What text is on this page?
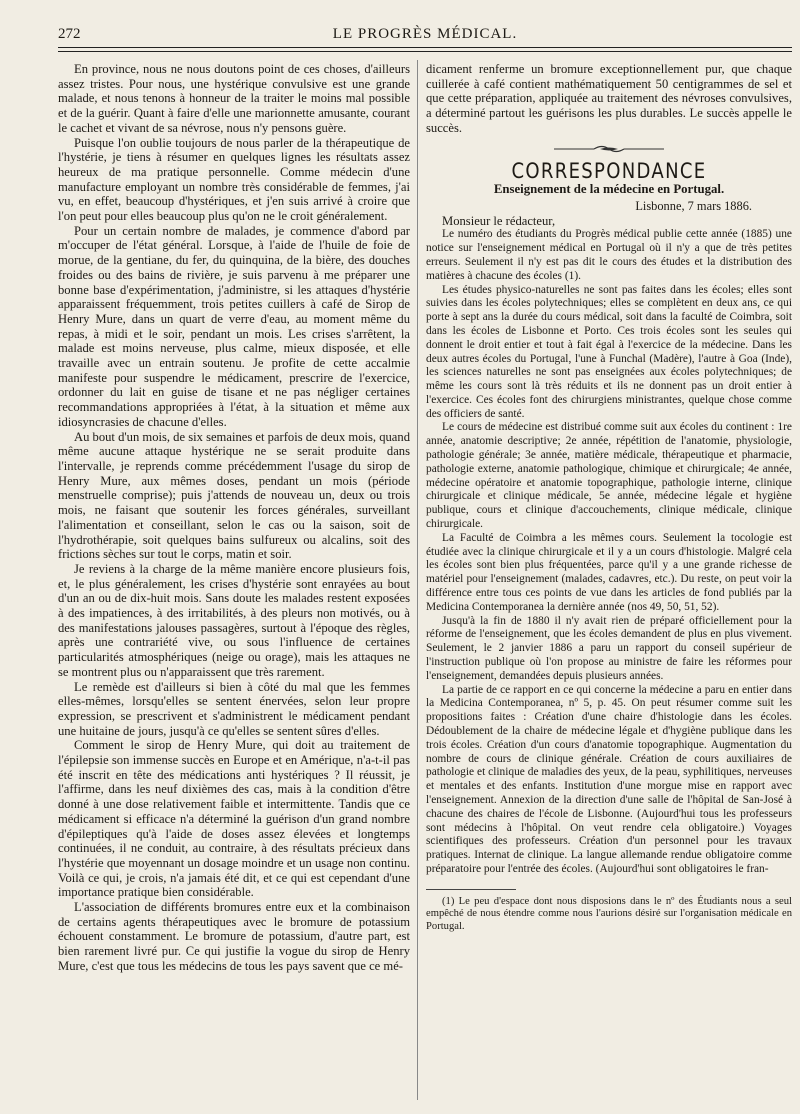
272	LE PROGRÈS MÉDICAL.

En province, nous ne nous doutons point de ces choses, d'ailleurs assez tristes. Pour nous, une hystérique convulsive est une grande malade, et nous tenons à honneur de la traiter le moins mal possible et de la guérir. Quant à faire d'elle une marionnette amusante, courant le cachet et vivant de sa névrose, nous n'y pensons guère.

Puisque l'on oublie toujours de nous parler de la thérapeutique de l'hystérie, je tiens à résumer en quelques lignes les résultats assez heureux de ma pratique personnelle. Comme médecin d'une manufacture employant un nombre très considérable de femmes, j'ai vu, en effet, beaucoup d'hystériques, et j'en suis arrivé à croire que l'on peut pour elles beaucoup plus qu'on ne le croit généralement.

Pour un certain nombre de malades, je commence d'abord par m'occuper de l'état général. Lorsque, à l'aide de l'huile de foie de morue, de la gentiane, du fer, du quinquina, de la bière, des douches froides ou des bains de rivière, je suis parvenu à me préparer une bonne base d'expérimentation, j'administre, si les attaques d'hystérie apparaissent fréquemment, trois petites cuillers à café de Sirop de Henry Mure, dans un quart de verre d'eau, au moment même du repas, à midi et le soir, pendant un mois. Les crises s'arrêtent, la malade est moins nerveuse, plus calme, mieux disposée, et elle travaille avec un entrain soutenu. Je profite de cette accalmie manifeste pour suspendre le médicament, prescrire de l'exercice, ordonner du lait en guise de tisane et ne pas négliger certaines recommandations appropriées à l'état, à la situation et même aux idiosyncrasies de chacune d'elles.

Au bout d'un mois, de six semaines et parfois de deux mois, quand même aucune attaque hystérique ne se serait produite dans l'intervalle, je reprends comme précédemment l'usage du sirop de Henry Mure, aux mêmes doses, pendant un mois (période menstruelle comprise); puis j'attends de nouveau un, deux ou trois mois, ne faisant que soutenir les forces générales, surveillant l'alimentation et conseillant, selon le cas ou la saison, soit de l'hydrothérapie, soit quelques bains sulfureux ou alcalins, soit des frictions sèches sur tout le corps, matin et soir.

Je reviens à la charge de la même manière encore plusieurs fois, et, le plus généralement, les crises d'hystérie sont enrayées au bout d'un an ou de dix-huit mois. Sans doute les malades restent exposées à des impatiences, à des irritabilités, à des pleurs non motivés, ou à des manifestations jalouses passagères, surtout à l'époque des règles, après une contrariété vive, ou sous l'influence de certaines particularités atmosphériques (neige ou orage), mais les attaques ne se montrent plus ou n'apparaissent que très rarement.

Le remède est d'ailleurs si bien à côté du mal que les femmes elles-mêmes, lorsqu'elles se sentent énervées, selon leur propre expression, se prescrivent et s'administrent le médicament pendant une huitaine de jours, jusqu'à ce qu'elles se sentent sûres d'elles.

Comment le sirop de Henry Mure, qui doit au traitement de l'épilepsie son immense succès en Europe et en Amérique, n'a-t-il pas été inscrit en tête des médications anti hystériques ? Il réussit, je l'affirme, dans les neuf dixièmes des cas, mais à la condition d'être donné à une dose relativement faible et intermittente. Tandis que ce médicament si efficace n'a déterminé la guérison d'un grand nombre d'épileptiques qu'à l'aide de doses assez élevées et longtemps continuées, il ne conduit, au contraire, à des résultats précieux dans l'hystérie que moyennant un dosage moindre et un usage non continu. Voilà ce qui, je crois, n'a jamais été dit, et ce qui est cependant d'une importance pratique bien considérable.

L'association de différents bromures entre eux et la combinaison de certains agents thérapeutiques avec le bromure de potassium échouent constamment. Le bromure de potassium, d'autre part, est bien rarement livré pur. Ce qui justifie la vogue du sirop de Henry Mure, c'est que tous les médecins de tous les pays savent que ce mé-

dicament renferme un bromure exceptionnellement pur, que chaque cuillerée à café contient mathématiquement 50 centigrammes de sel et que cette préparation, appliquée au traitement des névroses convulsives, a déterminé partout les guérisons les plus durables. Le succès appelle le succès.

CORRESPONDANCE
Enseignement de la médecine en Portugal.
Lisbonne, 7 mars 1886.

Monsieur le rédacteur,

Le numéro des étudiants du Progrès médical publie cette année (1885) une notice sur l'enseignement médical en Portugal où il n'y a que de très petites erreurs. Seulement il n'y est pas dit le cours des études et la distribution des matières à chacune des écoles (1).

Les études physico-naturelles ne sont pas faites dans les écoles; elles sont suivies dans les écoles polytechniques; elles se complètent en deux ans, ce qui porte à sept ans la durée du cours médical, soit dans la faculté de Coimbra, soit dans les écoles de Lisbonne et Porto. Ces trois écoles sont les seules qui donnent le droit entier et tout à fait égal à l'exercice de la médecine. Dans les deux autres écoles du Portugal, l'une à Funchal (Madère), l'autre à Goa (Inde), les sciences naturelles ne sont pas enseignées aux écoles polytechniques; de même les cours sont là très réduits et ils ne donnent pas un droit entier à l'exercice. Ces écoles font des chirurgiens ministrantes, quelque chose comme des officiers de santé.

Le cours de médecine est distribué comme suit aux écoles du continent : 1re année, anatomie descriptive; 2e année, répétition de l'anatomie, physiologie, pathologie générale; 3e année, matière médicale, thérapeutique et pharmacie, pathologie externe, anatomie pathologique, chimique et chirurgicale; 4e année, médecine opératoire et anatomie topographique, pathologie interne, clinique chirurgicale et clinique médicale, 5e année, médecine légale et hygiène publique, cours et clinique d'accouchements, clinique médicale, clinique chirurgicale.

La Faculté de Coimbra a les mêmes cours. Seulement la tocologie est étudiée avec la clinique chirurgicale et il y a un cours d'histologie. Malgré cela les écoles sont bien plus fréquentées, parce qu'il y a une grande richesse de matériel pour l'enseignement (malades, cadavres, etc.). Du reste, on peut voir la différence entre tous ces points de vue dans les articles de fond publiés par la Medicina Contemporanea la dernière année (nos 49, 50, 51, 52).

Jusqu'à la fin de 1880 il n'y avait rien de préparé officiellement pour la réforme de l'enseignement, que les écoles demandent de plus en plus vivement. Seulement, le 2 janvier 1886 a paru un rapport du conseil supérieur de l'instruction publique où l'on propose au ministre de faire les réformes pour l'enseignement, demandées depuis plusieurs années.

La partie de ce rapport en ce qui concerne la médecine a paru en entier dans la Medicina Contemporanea, nº 5, p. 45. On peut résumer comme suit les propositions faites : Création d'une chaire d'histologie dans les écoles. Dédoublement de la chaire de médecine légale et d'hygiène publique dans les trois écoles. Création d'un cours d'anatomie topographique. Augmentation du nombre de cours de clinique générale. Création de cours auxiliaires de pathologie et clinique de maladies des yeux, de la peau, syphilitiques, nerveuses et mentales et des enfants. Institution d'une morgue mise en rapport avec l'enseignement. Annexion de la direction d'une salle de l'hôpital de San-José à chacune des chaires de l'école de Lisbonne. (Aujourd'hui tous les professeurs sont médecins à l'hôpital. On veut rendre cela obligatoire.) Voyages scientifiques des professeurs. Création d'un personnel pour les travaux pratiques. Internat de clinique. La langue allemande rendue obligatoire comme préparatoire pour l'entrée des écoles. (Aujourd'hui sont obligatoires le fran-

(1) Le peu d'espace dont nous disposions dans le nº des Étudiants nous a seul empêché de nous étendre comme nous l'aurions désiré sur l'organisation médicale en Portugal.
